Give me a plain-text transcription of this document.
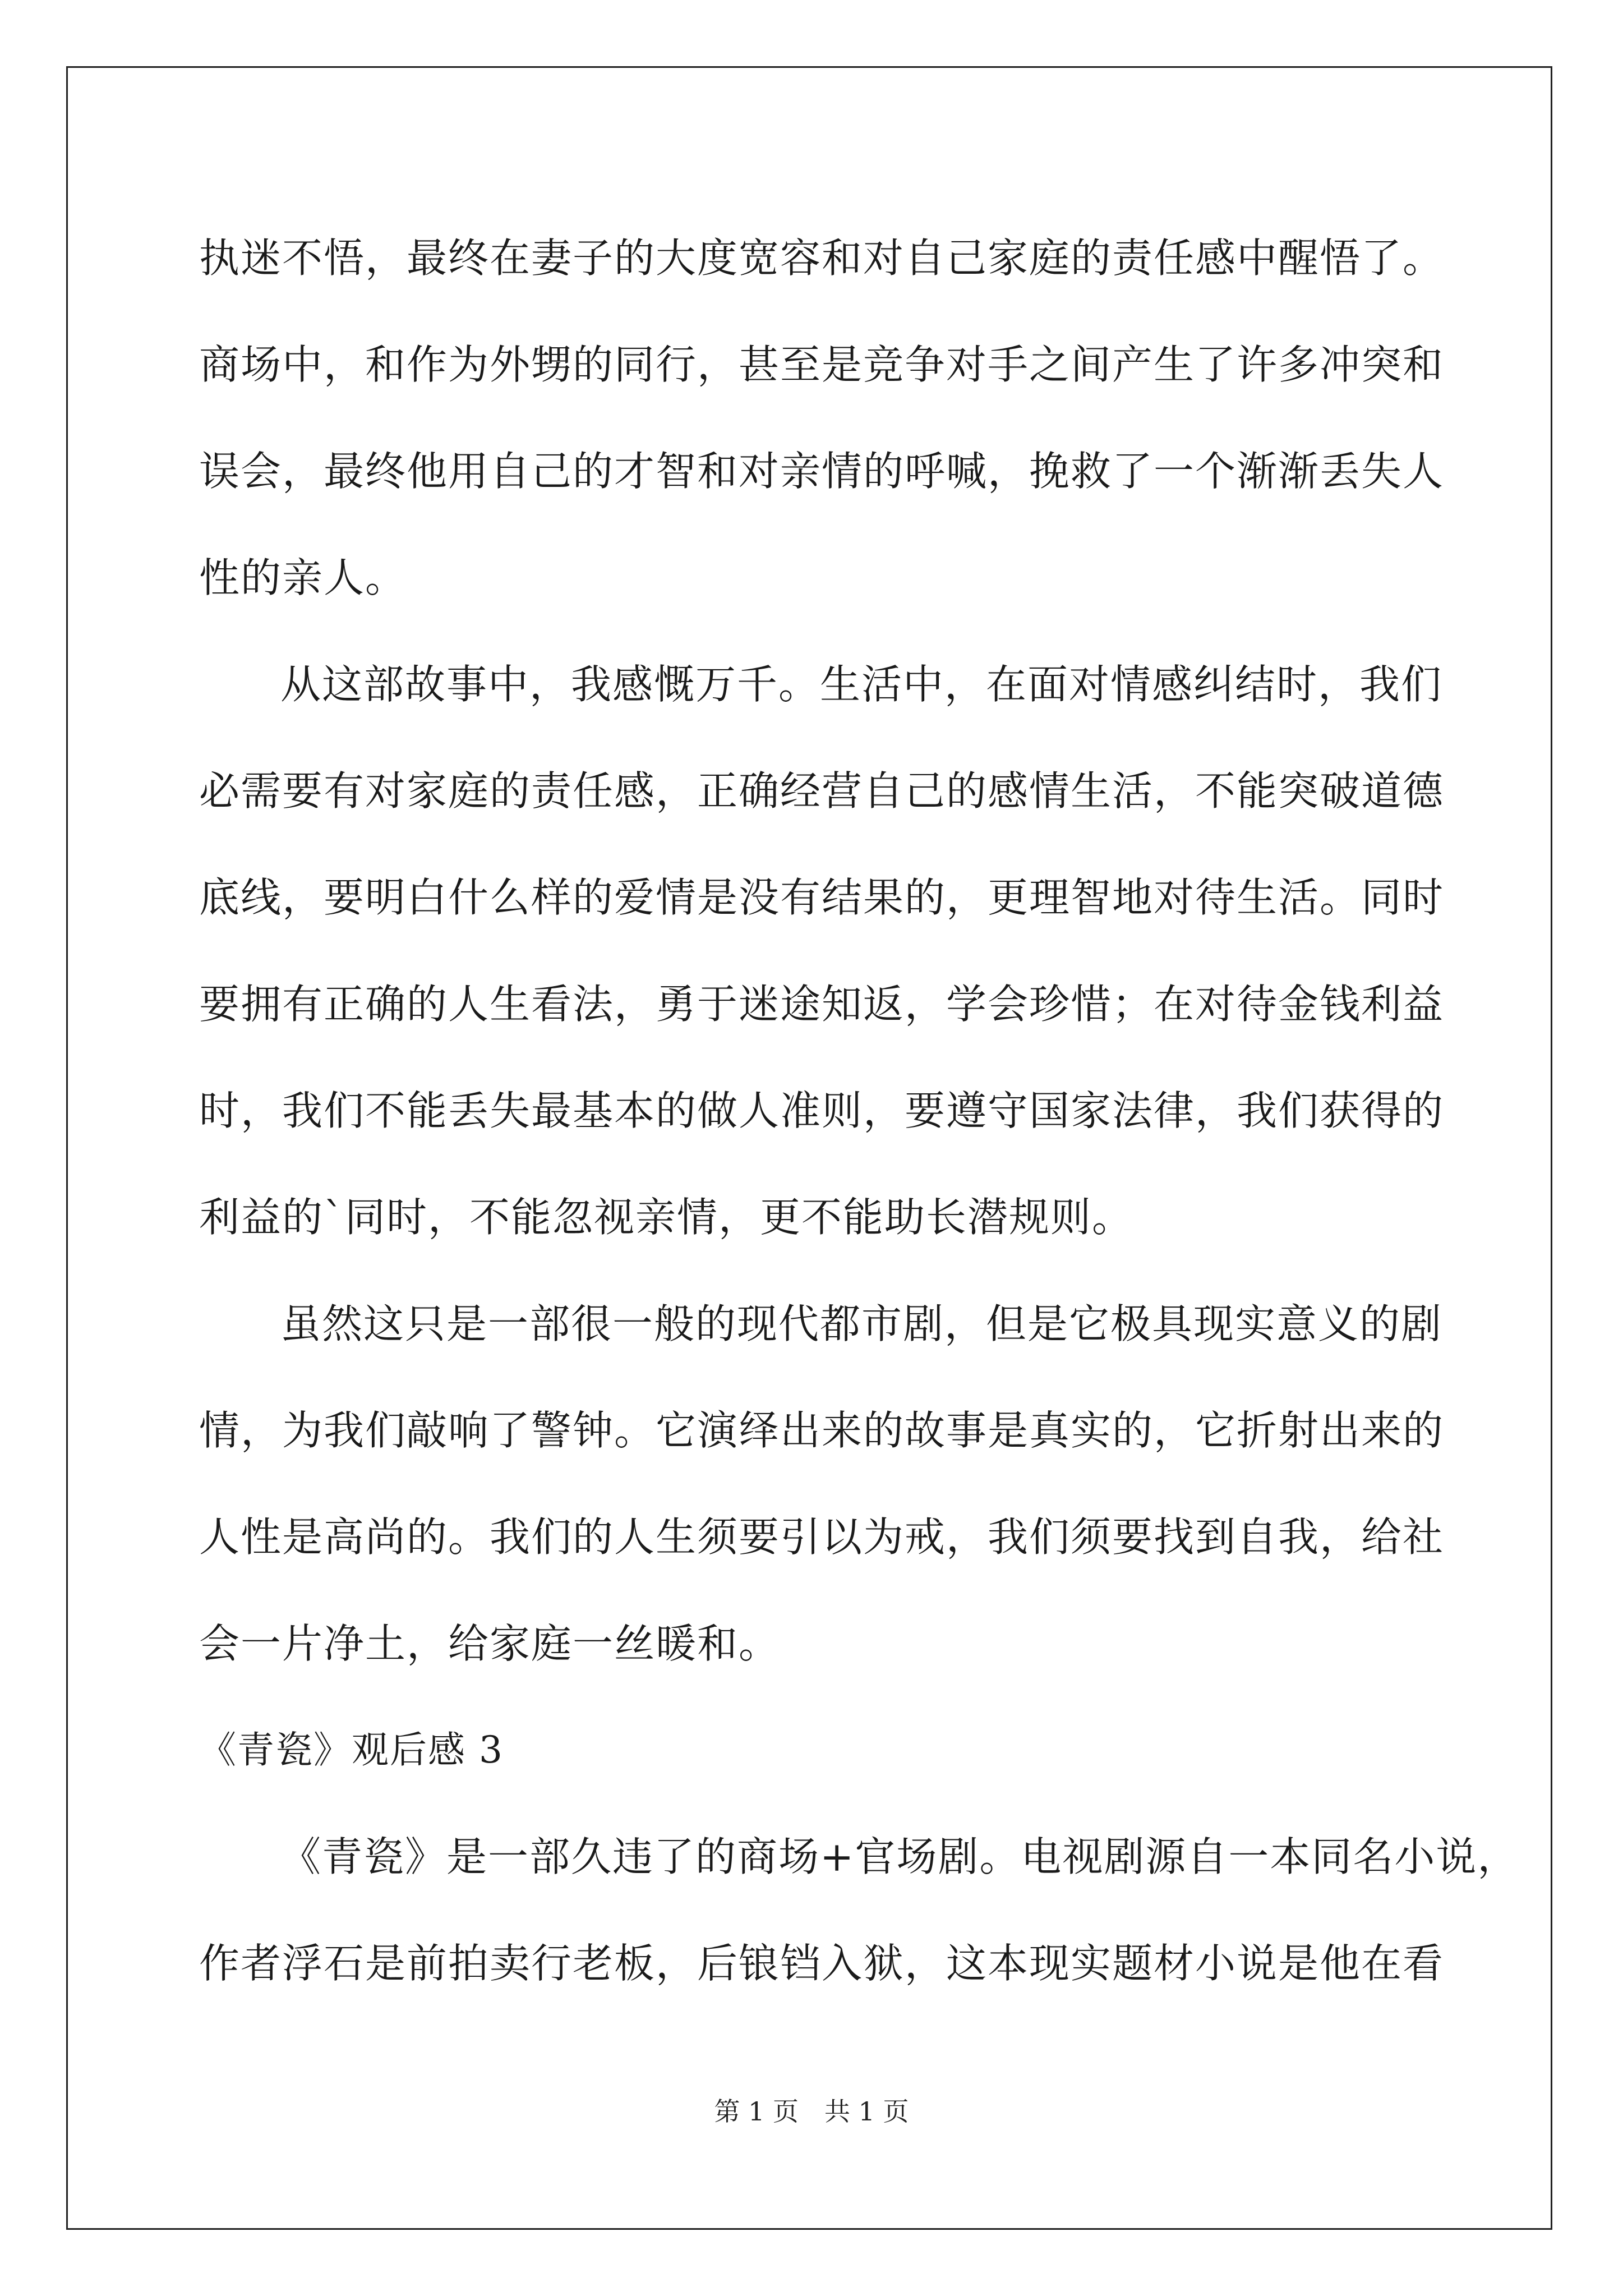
执迷不悟，最终在妻子的大度宽容和对自己家庭的责任感中醒悟了。
商场中，和作为外甥的同行，甚至是竞争对手之间产生了许多冲突和
误会，最终他用自己的才智和对亲情的呼喊，挽救了一个渐渐丢失人
性的亲人。
从这部故事中，我感慨万千。生活中，在面对情感纠结时，我们
必需要有对家庭的责任感，正确经营自己的感情生活，不能突破道德
底线，要明白什么样的爱情是没有结果的，更理智地对待生活。同时
要拥有正确的人生看法，勇于迷途知返，学会珍惜；在对待金钱利益
时，我们不能丢失最基本的做人准则，要遵守国家法律，我们获得的
利益的`同时，不能忽视亲情，更不能助长潜规则。
虽然这只是一部很一般的现代都市剧，但是它极具现实意义的剧
情，为我们敲响了警钟。它演绎出来的故事是真实的，它折射出来的
人性是高尚的。我们的人生须要引以为戒，我们须要找到自我，给社
会一片净土，给家庭一丝暖和。
《青瓷》观后感 3
《青瓷》是一部久违了的商场+官场剧。电视剧源自一本同名小说，
作者浮石是前拍卖行老板，后锒铛入狱，这本现实题材小说是他在看
第 1 页　共 1 页
